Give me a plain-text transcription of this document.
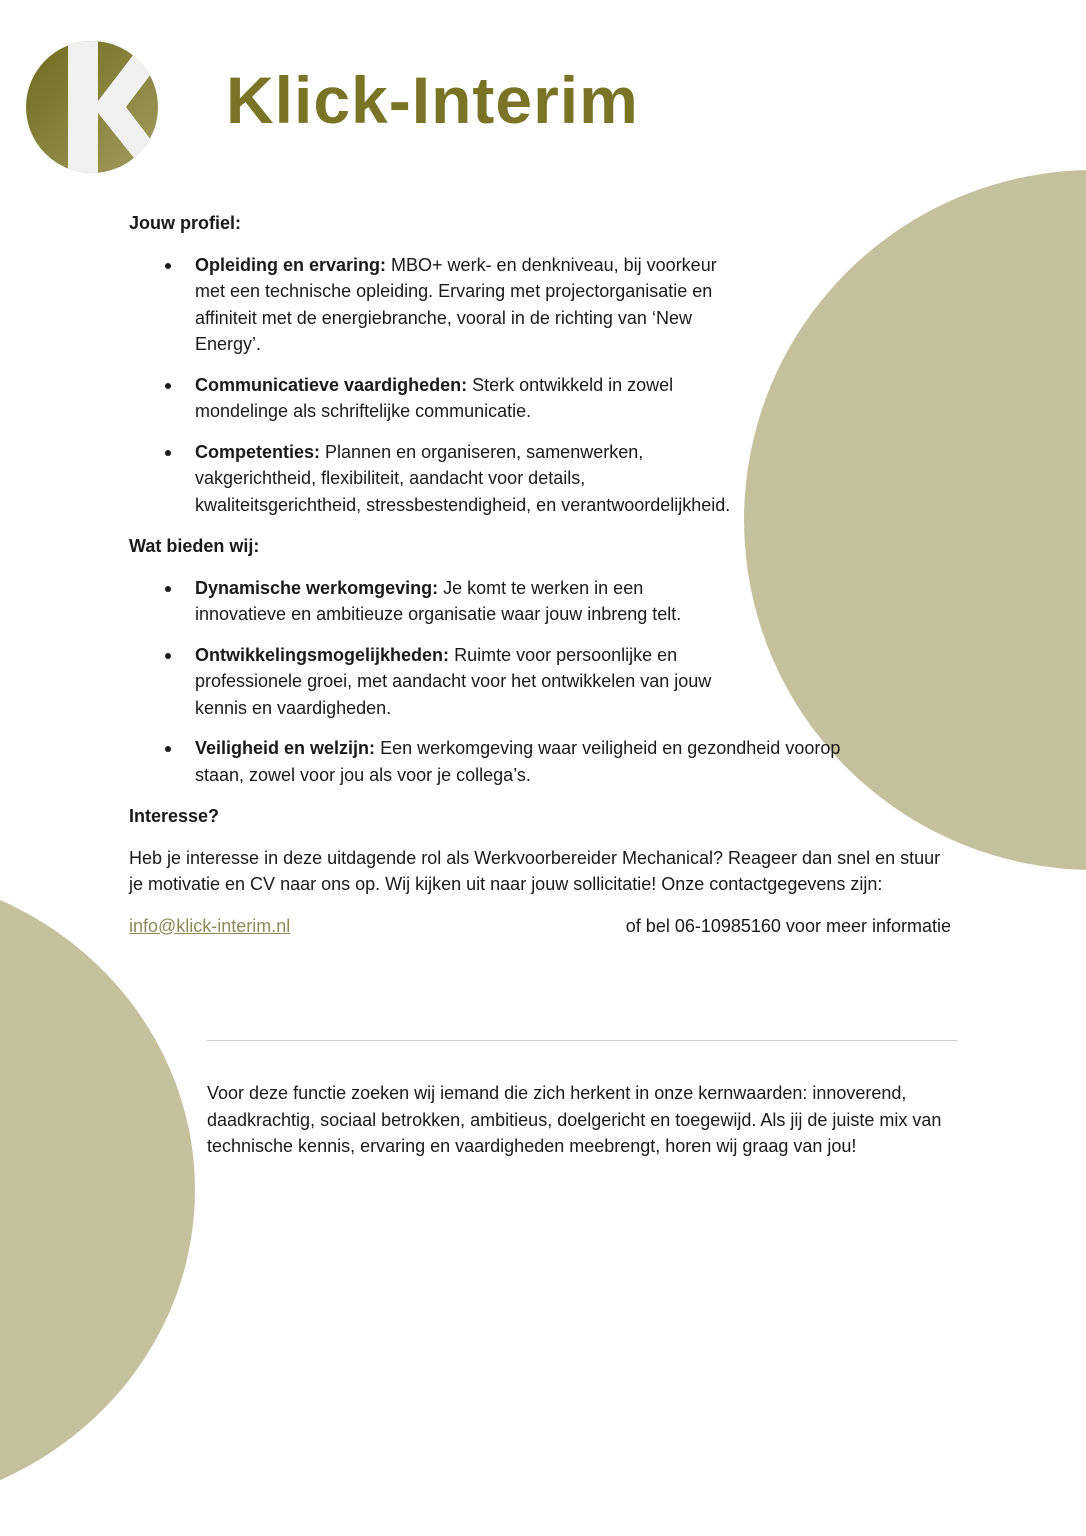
Klick-Interim
Jouw profiel:
Opleiding en ervaring: MBO+ werk- en denkniveau, bij voorkeur met een technische opleiding. Ervaring met projectorganisatie en affiniteit met de energiebranche, vooral in de richting van ‘New Energy’.
Communicatieve vaardigheden: Sterk ontwikkeld in zowel mondelinge als schriftelijke communicatie.
Competenties: Plannen en organiseren, samenwerken, vakgerichtheid, flexibiliteit, aandacht voor details, kwaliteitsgerichtheid, stressbestendigheid, en verantwoordelijkheid.
Wat bieden wij:
Dynamische werkomgeving: Je komt te werken in een innovatieve en ambitieuze organisatie waar jouw inbreng telt.
Ontwikkelingsmogelijkheden: Ruimte voor persoonlijke en professionele groei, met aandacht voor het ontwikkelen van jouw kennis en vaardigheden.
Veiligheid en welzijn: Een werkomgeving waar veiligheid en gezondheid voorop staan, zowel voor jou als voor je collega’s.
Interesse?

Heb je interesse in deze uitdagende rol als Werkvoorbereider Mechanical? Reageer dan snel en stuur je motivatie en CV naar ons op. Wij kijken uit naar jouw sollicitatie! Onze contactgegevens zijn:

info@klick-interim.nl	of bel 06-10985160 voor meer informatie

Voor deze functie zoeken wij iemand die zich herkent in onze kernwaarden: innoverend, daadkrachtig, sociaal betrokken, ambitieus, doelgericht en toegewijd. Als jij de juiste mix van technische kennis, ervaring en vaardigheden meebrengt, horen wij graag van jou!
